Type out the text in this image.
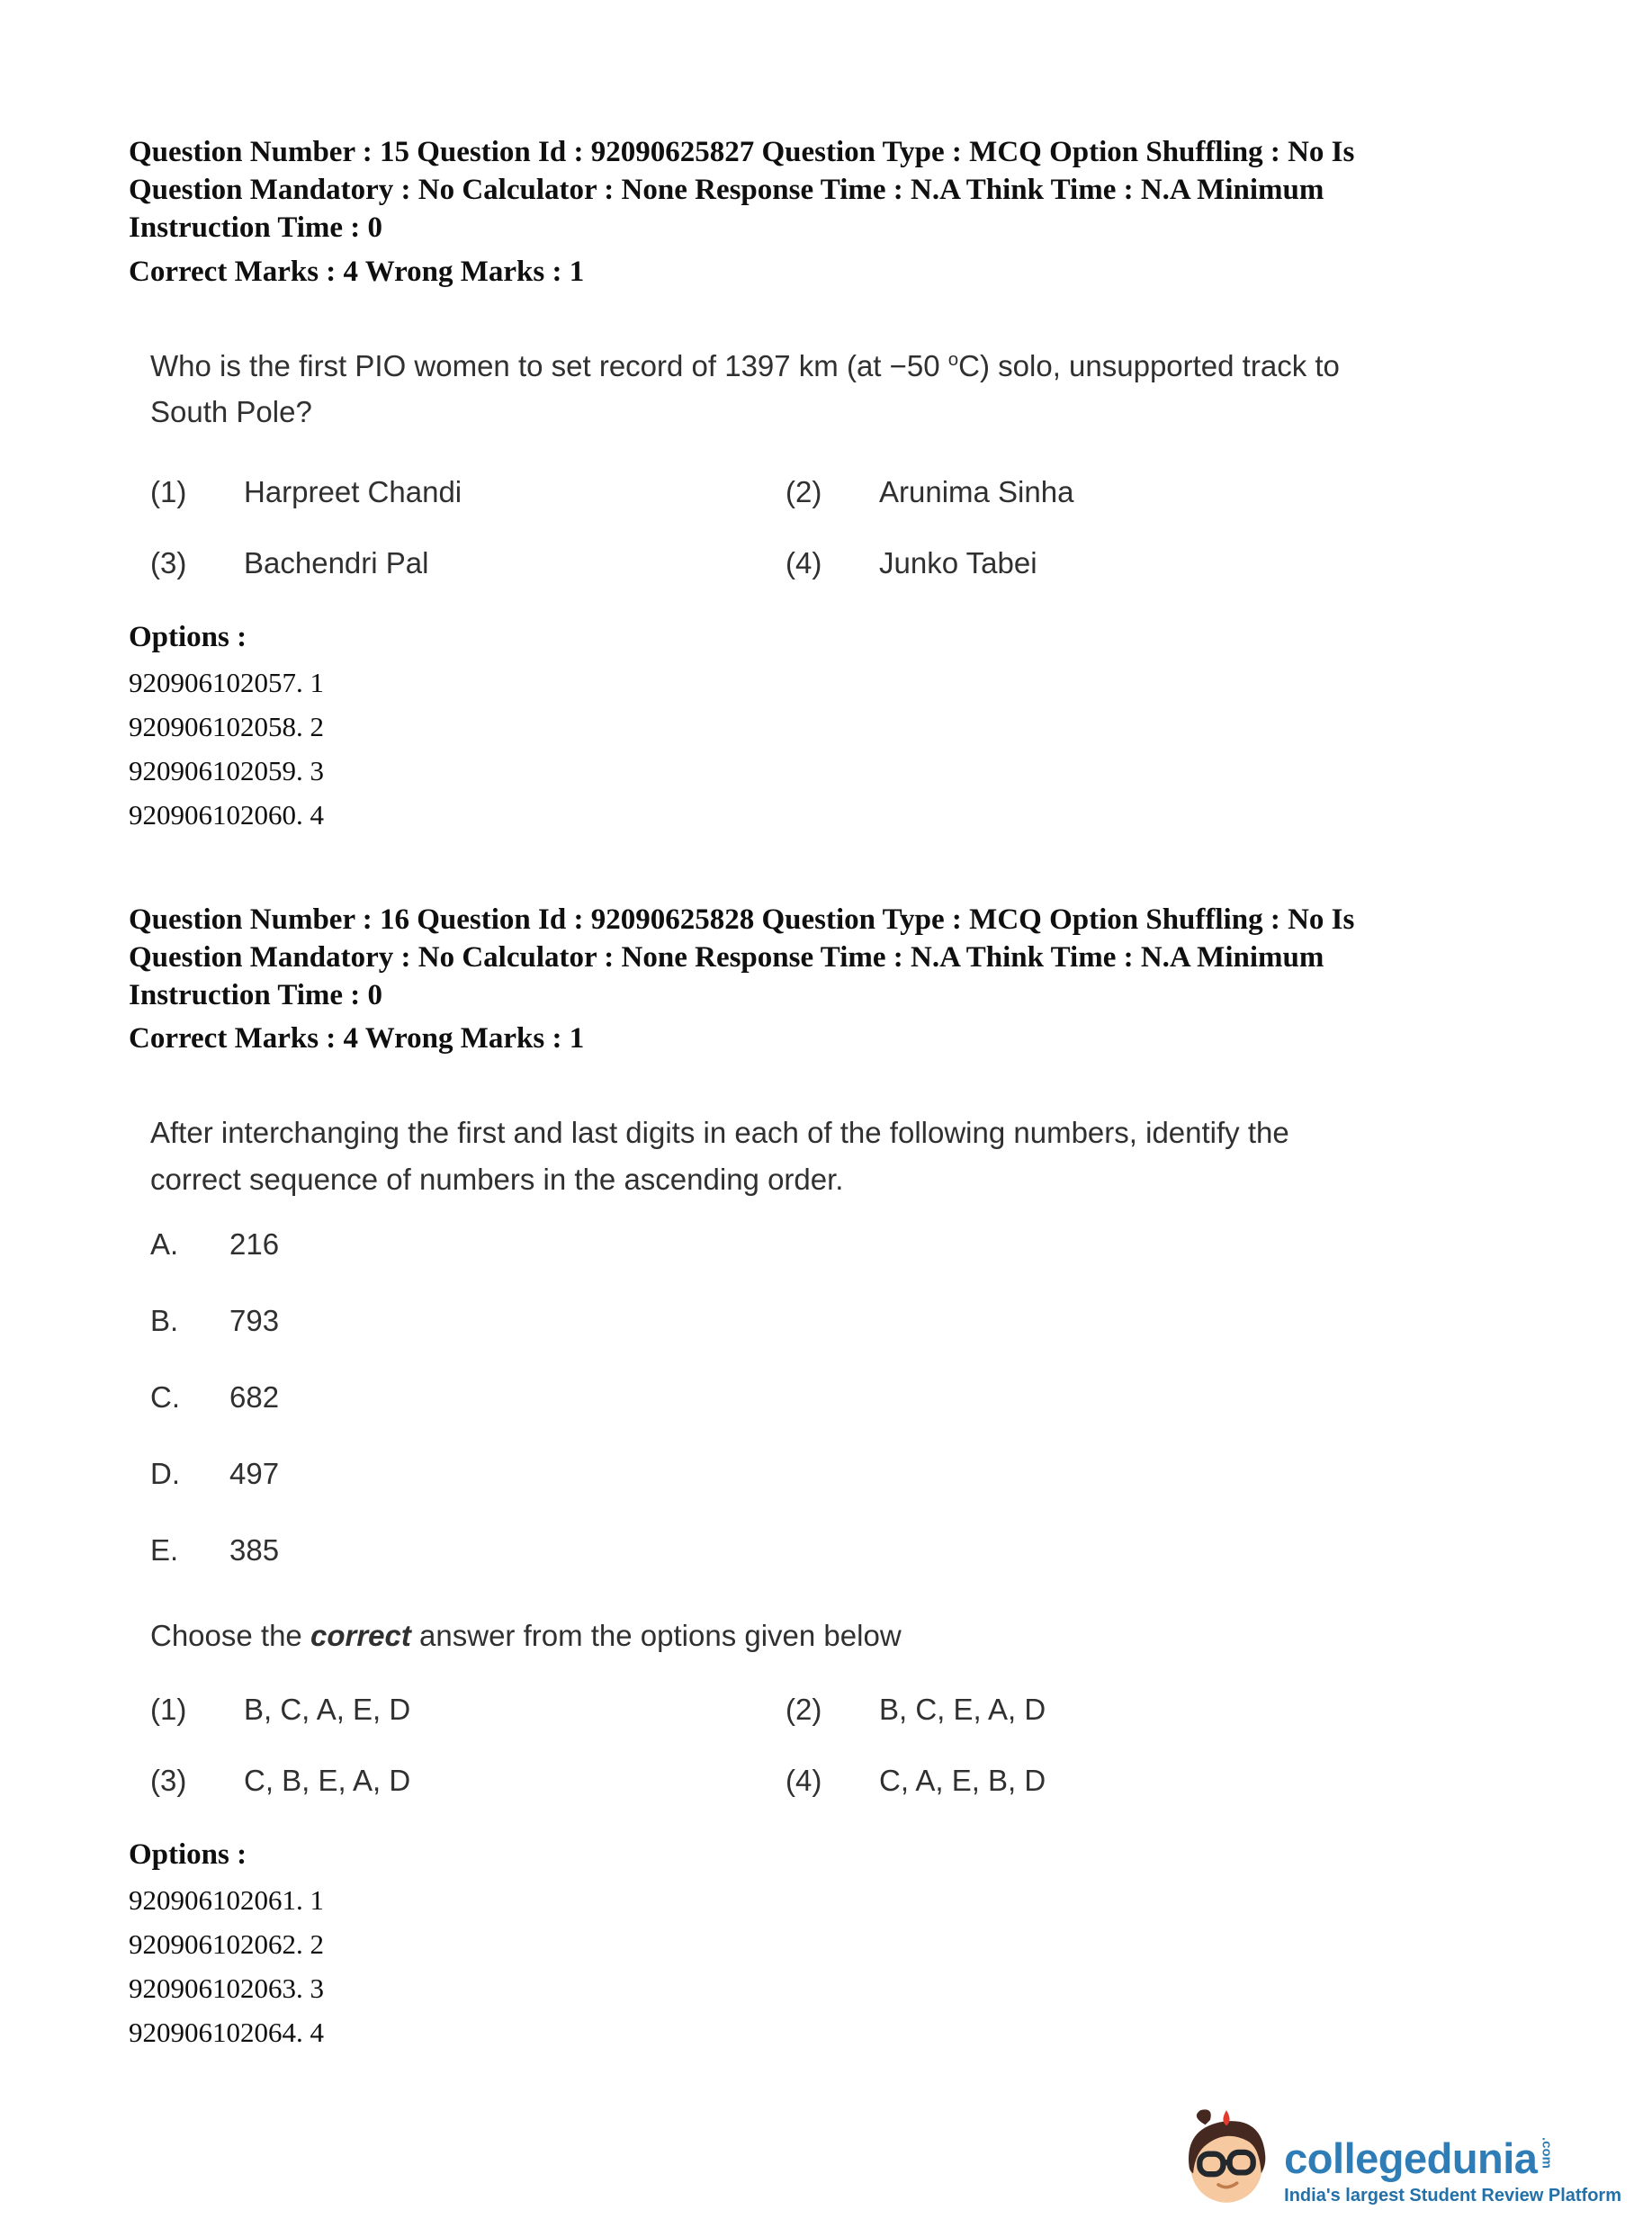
Question Number : 15 Question Id : 92090625827 Question Type : MCQ Option Shuffling : No Is
Question Mandatory : No Calculator : None Response Time : N.A Think Time : N.A Minimum
Instruction Time : 0
Correct Marks : 4 Wrong Marks : 1
Who is the first PIO women to set record of 1397 km (at −50 $^o$C) solo, unsupported track to
South Pole?
(1)	Harpreet Chandi	(2)	Arunima Sinha
(3)	Bachendri Pal	(4)	Junko Tabei
Options :
920906102057. 1
920906102058. 2
920906102059. 3
920906102060. 4
Question Number : 16 Question Id : 92090625828 Question Type : MCQ Option Shuffling : No Is
Question Mandatory : No Calculator : None Response Time : N.A Think Time : N.A Minimum
Instruction Time : 0
Correct Marks : 4 Wrong Marks : 1
After interchanging the first and last digits in each of the following numbers, identify the
correct sequence of numbers in the ascending order.
A.	216
B.	793
C.	682
D.	497
E.	385
Choose the correct answer from the options given below
(1)	B, C, A, E, D	(2)	B, C, E, A, D
(3)	C, B, E, A, D	(4)	C, A, E, B, D
Options :
920906102061. 1
920906102062. 2
920906102063. 3
920906102064. 4
collegedunia .com
India's largest Student Review Platform
